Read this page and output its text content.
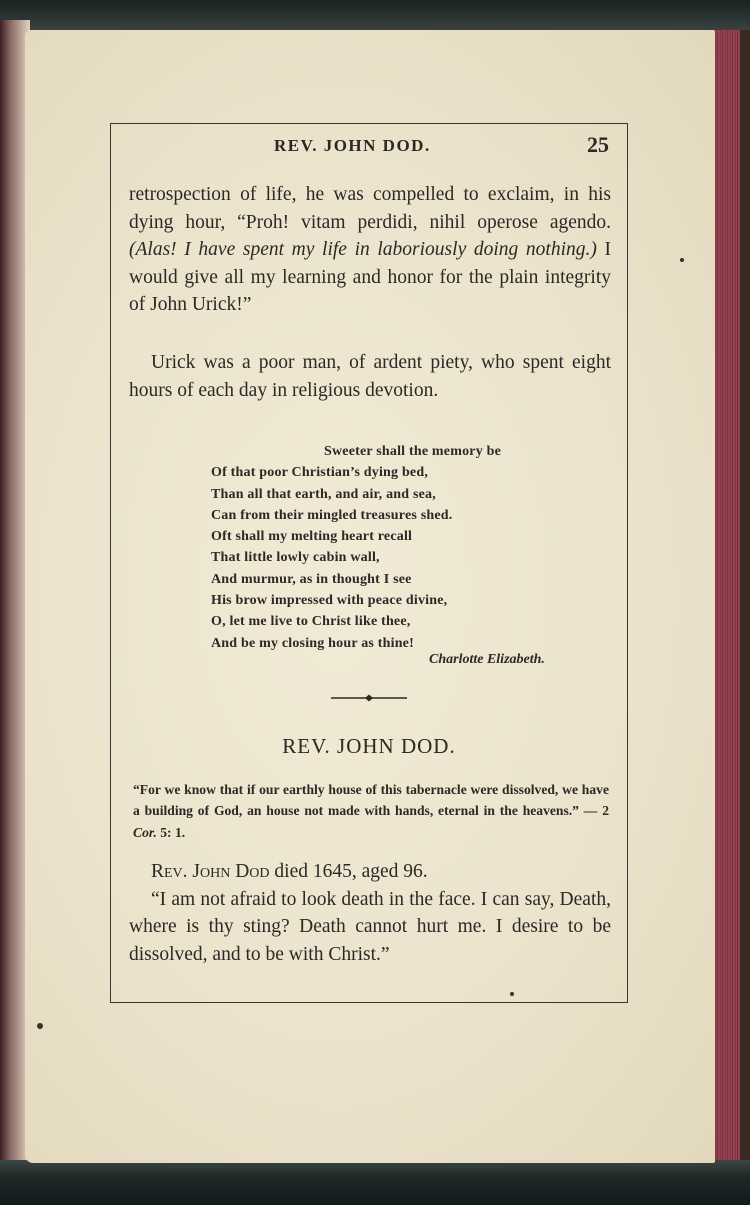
REV. JOHN DOD.	25

retrospection of life, he was compelled to exclaim, in his dying hour, “Proh! vitam perdidi, nihil operose agendo. (Alas! I have spent my life in laboriously doing nothing.) I would give all my learning and honor for the plain integrity of John Urick!”

Urick was a poor man, of ardent piety, who spent eight hours of each day in religious devotion.

Sweeter shall the memory be
Of that poor Christian’s dying bed,
Than all that earth, and air, and sea,
Can from their mingled treasures shed.
Oft shall my melting heart recall
That little lowly cabin wall,
And murmur, as in thought I see
His brow impressed with peace divine,
O, let me live to Christ like thee,
And be my closing hour as thine!
Charlotte Elizabeth.
REV. JOHN DOD.

“For we know that if our earthly house of this tabernacle were dissolved, we have a building of God, an house not made with hands, eternal in the heavens.” — 2 Cor. 5: 1.

Rev. John Dod died 1645, aged 96.

“I am not afraid to look death in the face. I can say, Death, where is thy sting? Death cannot hurt me. I desire to be dissolved, and to be with Christ.”
